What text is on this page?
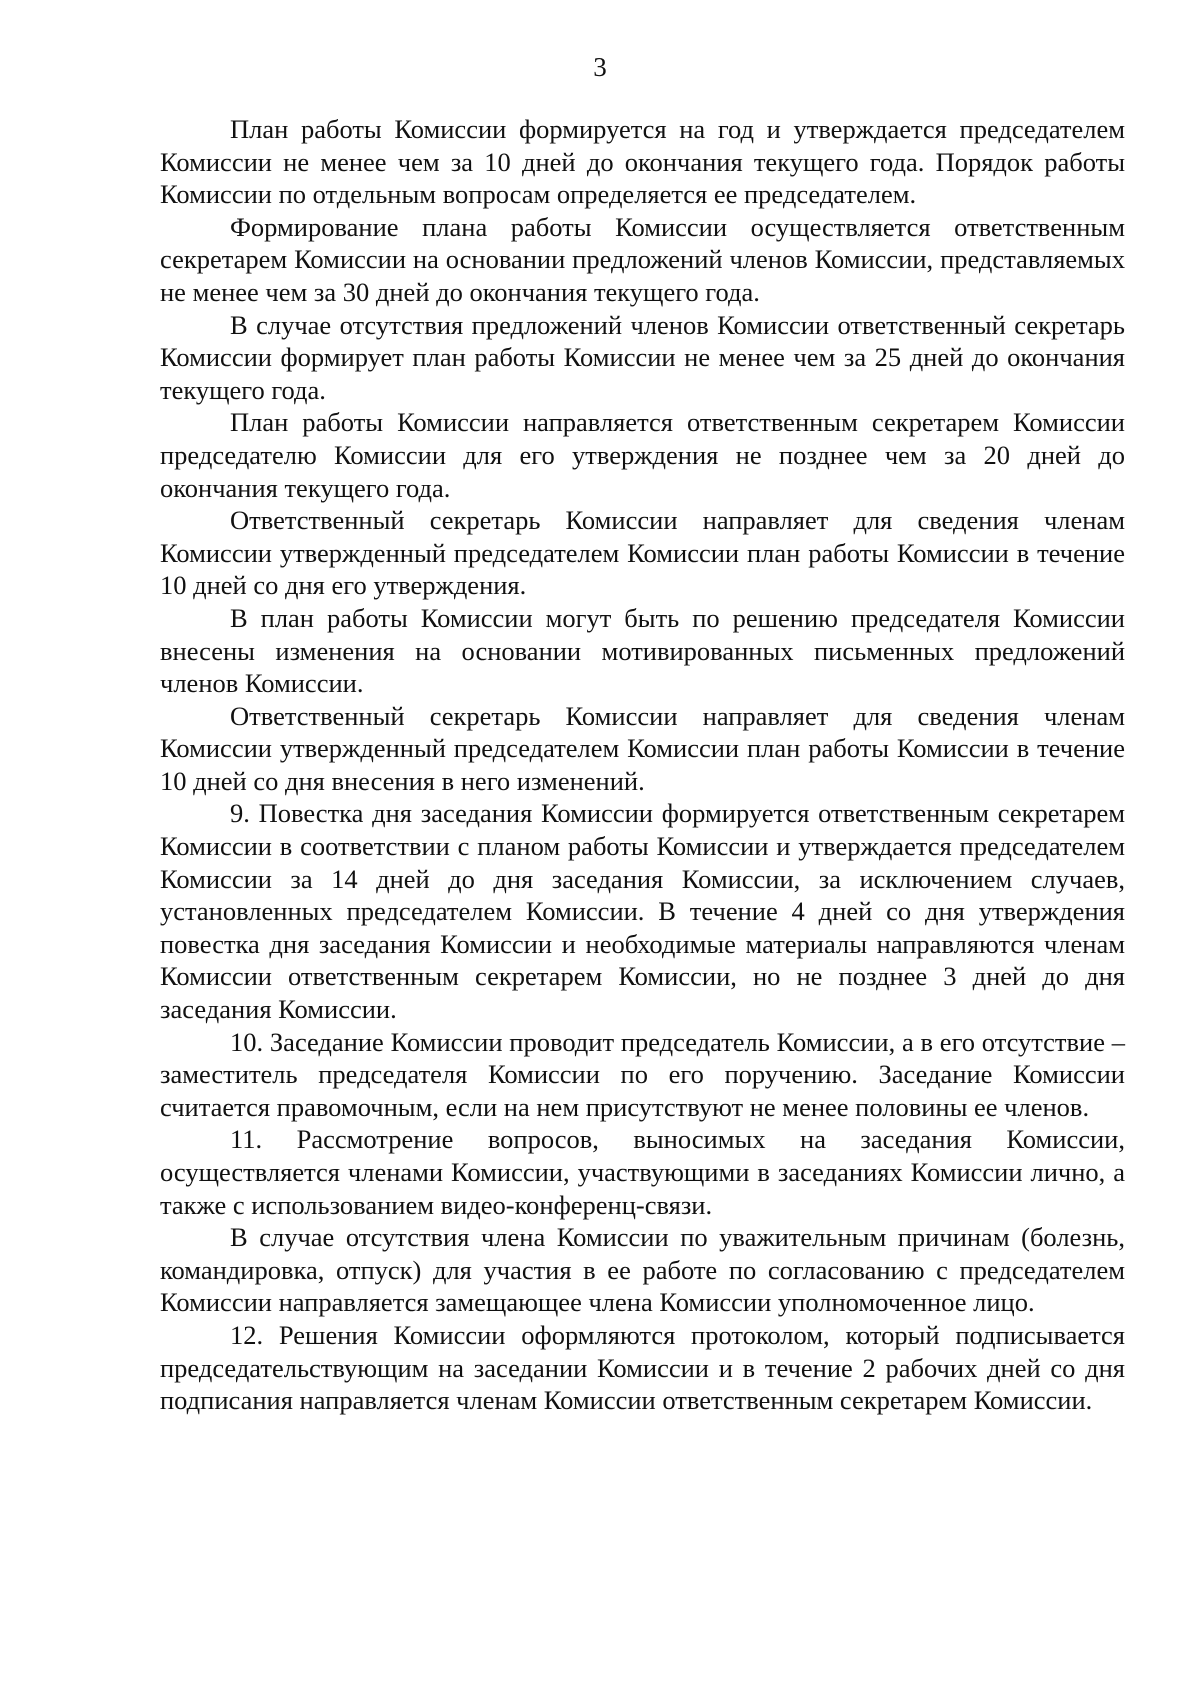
3

План работы Комиссии формируется на год и утверждается председателем Комиссии не менее чем за 10 дней до окончания текущего года. Порядок работы Комиссии по отдельным вопросам определяется ее председателем.

Формирование плана работы Комиссии осуществляется ответственным секретарем Комиссии на основании предложений членов Комиссии, представляемых не менее чем за 30 дней до окончания текущего года.

В случае отсутствия предложений членов Комиссии ответственный секретарь Комиссии формирует план работы Комиссии не менее чем за 25 дней до окончания текущего года.

План работы Комиссии направляется ответственным секретарем Комиссии председателю Комиссии для его утверждения не позднее чем за 20 дней до окончания текущего года.

Ответственный секретарь Комиссии направляет для сведения членам Комиссии утвержденный председателем Комиссии план работы Комиссии в течение 10 дней со дня его утверждения.

В план работы Комиссии могут быть по решению председателя Комиссии внесены изменения на основании мотивированных письменных предложений членов Комиссии.

Ответственный секретарь Комиссии направляет для сведения членам Комиссии утвержденный председателем Комиссии план работы Комиссии в течение 10 дней со дня внесения в него изменений.

9. Повестка дня заседания Комиссии формируется ответственным секретарем Комиссии в соответствии с планом работы Комиссии и утверждается председателем Комиссии за 14 дней до дня заседания Комиссии, за исключением случаев, установленных председателем Комиссии. В течение 4 дней со дня утверждения повестка дня заседания Комиссии и необходимые материалы направляются членам Комиссии ответственным секретарем Комиссии, но не позднее 3 дней до дня заседания Комиссии.

10. Заседание Комиссии проводит председатель Комиссии, а в его отсутствие – заместитель председателя Комиссии по его поручению. Заседание Комиссии считается правомочным, если на нем присутствуют не менее половины ее членов.

11. Рассмотрение вопросов, выносимых на заседания Комиссии, осуществляется членами Комиссии, участвующими в заседаниях Комиссии лично, а также с использованием видео-конференц-связи.

В случае отсутствия члена Комиссии по уважительным причинам (болезнь, командировка, отпуск) для участия в ее работе по согласованию с председателем Комиссии направляется замещающее члена Комиссии уполномоченное лицо.

12. Решения Комиссии оформляются протоколом, который подписывается председательствующим на заседании Комиссии и в течение 2 рабочих дней со дня подписания направляется членам Комиссии ответственным секретарем Комиссии.
